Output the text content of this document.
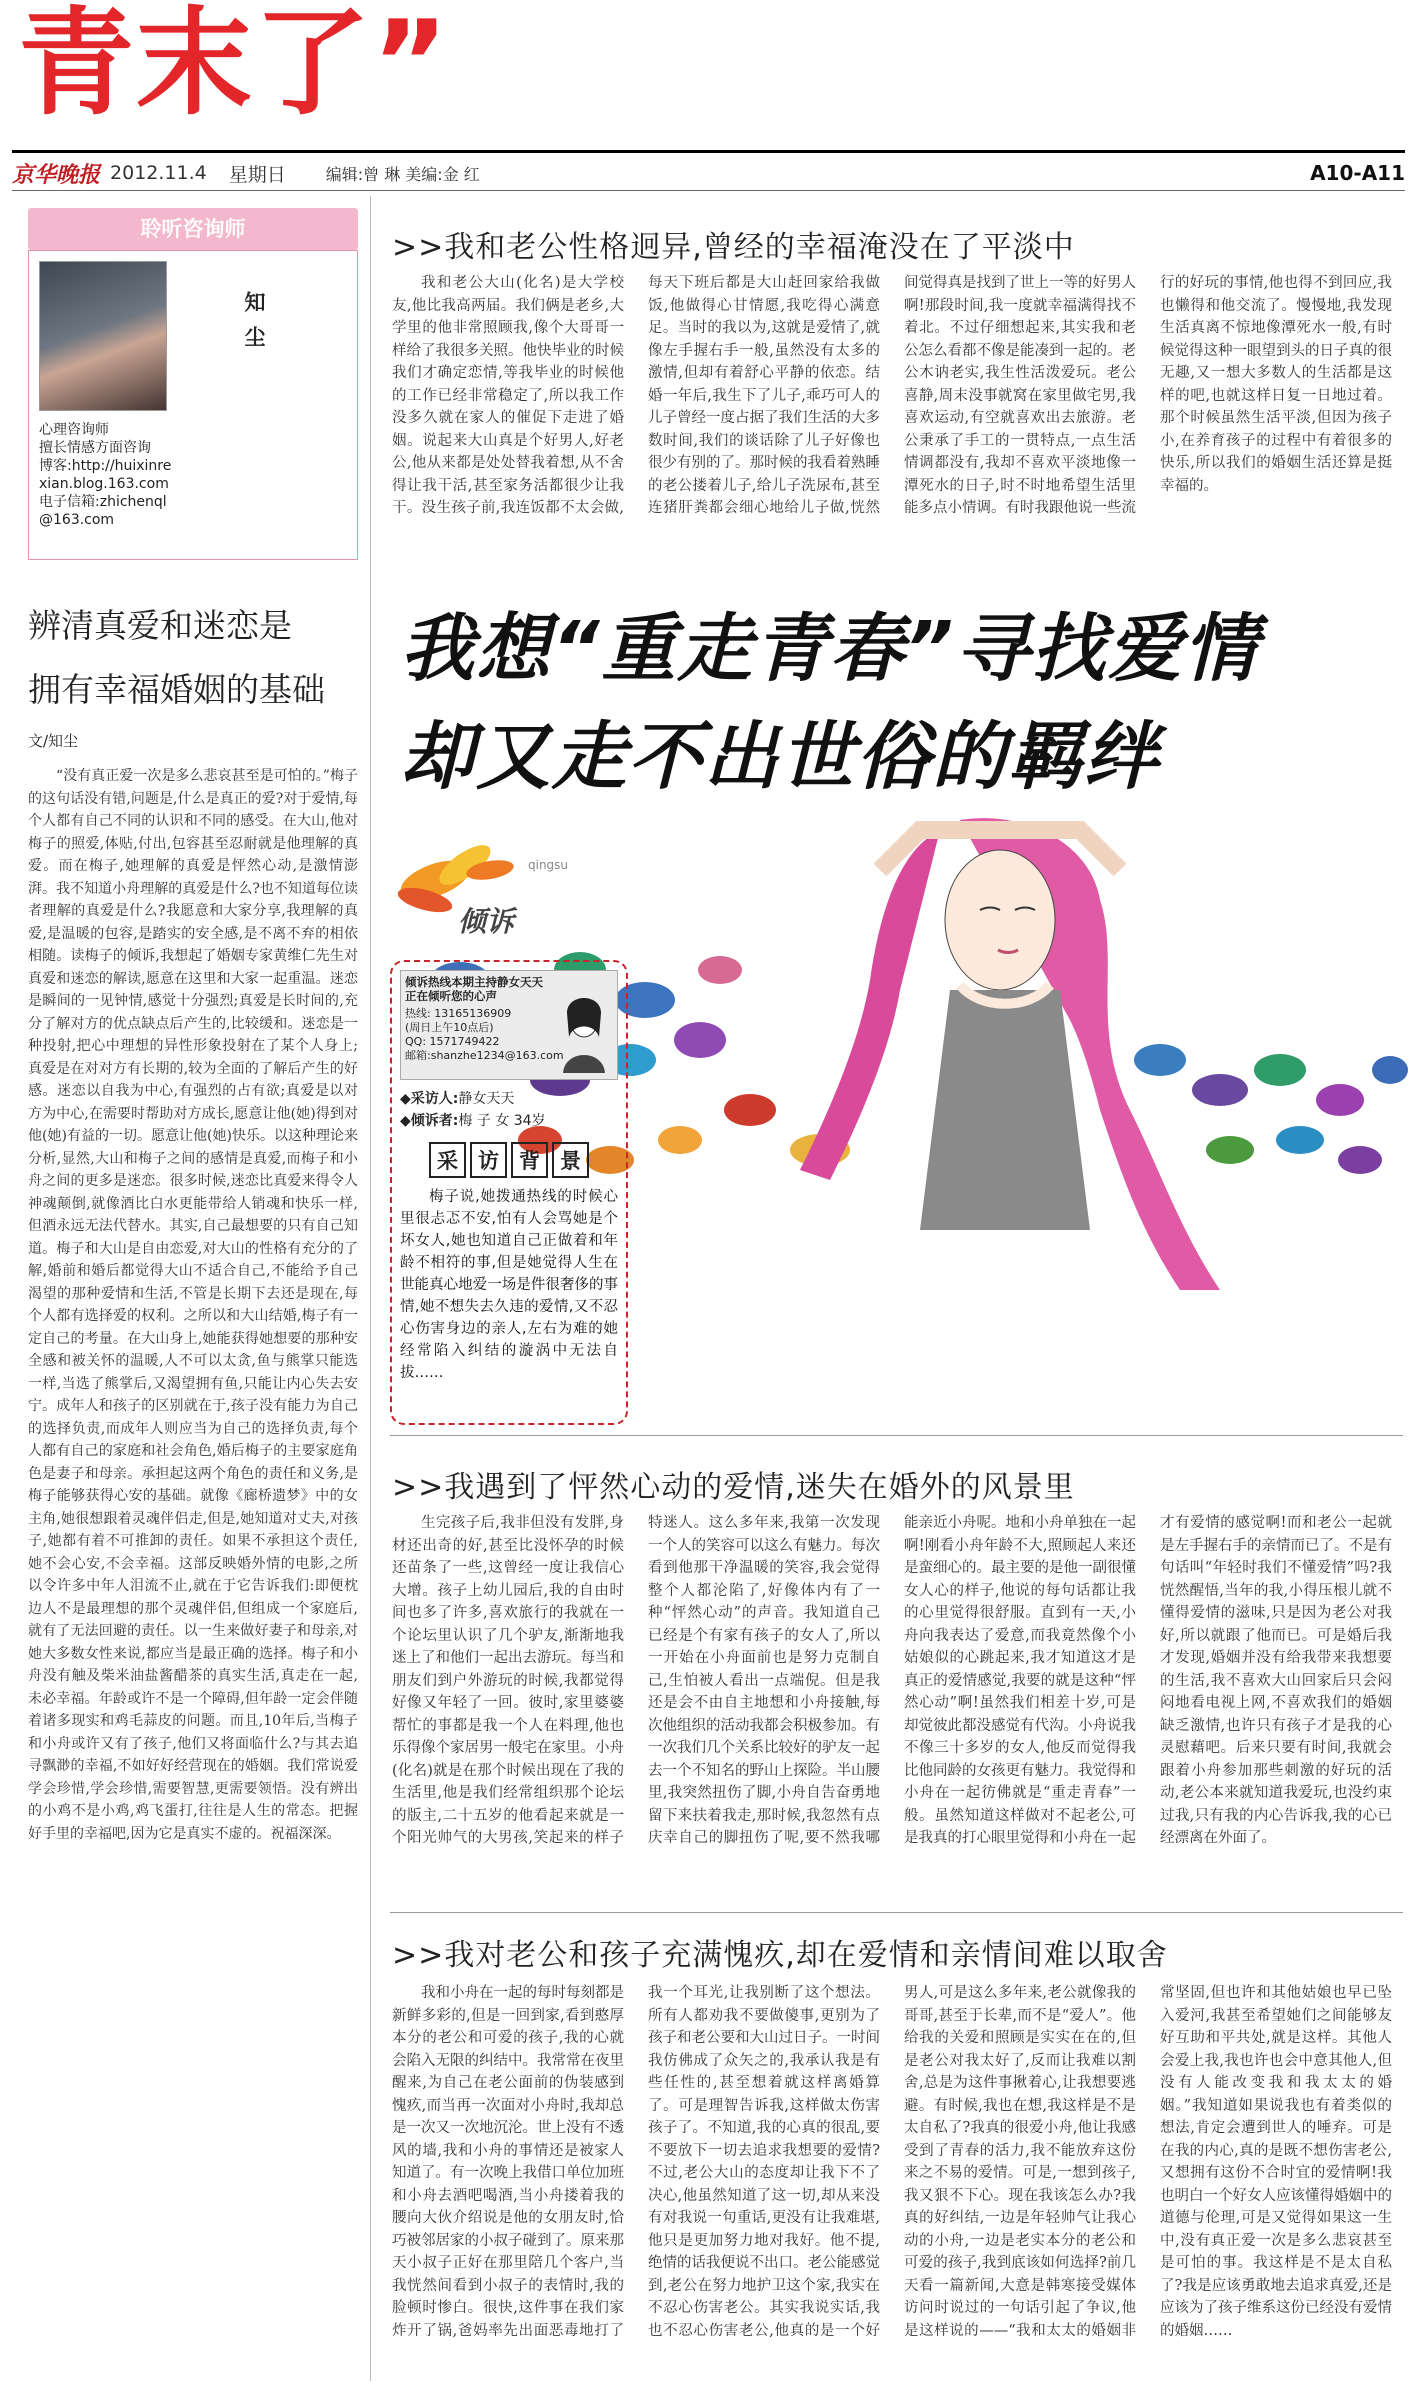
青末了”
京华晚报 2012.11.4 星期日	编辑:曾 琳 美编:金 红	A10-A11
聆听咨询师
知尘
心理咨询师
擅长情感方面咨询
博客:http://huixinre
xian.blog.163.com
电子信箱:zhichenql
@163.com
辨清真爱和迷恋是
拥有幸福婚姻的基础
文/知尘
“没有真正爱一次是多么悲哀甚至是可怕的。”梅子的这句话没有错,问题是,什么是真正的爱?对于爱情,每个人都有自己不同的认识和不同的感受。在大山,他对梅子的照爱,体贴,付出,包容甚至忍耐就是他理解的真爱。而在梅子,她理解的真爱是怦然心动,是激情澎湃。我不知道小舟理解的真爱是什么?也不知道每位读者理解的真爱是什么?我愿意和大家分享,我理解的真爱,是温暖的包容,是踏实的安全感,是不离不弃的相依相随。读梅子的倾诉,我想起了婚姻专家黄维仁先生对真爱和迷恋的解读,愿意在这里和大家一起重温。迷恋是瞬间的一见钟情,感觉十分强烈;真爱是长时间的,充分了解对方的优点缺点后产生的,比较缓和。迷恋是一种投射,把心中理想的异性形象投射在了某个人身上;真爱是在对对方有长期的,较为全面的了解后产生的好感。迷恋以自我为中心,有强烈的占有欲;真爱是以对方为中心,在需要时帮助对方成长,愿意让他(她)得到对他(她)有益的一切。愿意让他(她)快乐。以这种理论来分析,显然,大山和梅子之间的感情是真爱,而梅子和小舟之间的更多是迷恋。很多时候,迷恋比真爱来得令人神魂颠倒,就像酒比白水更能带给人销魂和快乐一样,但酒永远无法代替水。其实,自己最想要的只有自己知道。梅子和大山是自由恋爱,对大山的性格有充分的了解,婚前和婚后都觉得大山不适合自己,不能给予自己渴望的那种爱情和生活,不管是长期下去还是现在,每个人都有选择爱的权利。之所以和大山结婚,梅子有一定自己的考量。在大山身上,她能获得她想要的那种安全感和被关怀的温暖,人不可以太贪,鱼与熊掌只能选一样,当选了熊掌后,又渴望拥有鱼,只能让内心失去安宁。成年人和孩子的区别就在于,孩子没有能力为自己的选择负责,而成年人则应当为自己的选择负责,每个人都有自己的家庭和社会角色,婚后梅子的主要家庭角色是妻子和母亲。承担起这两个角色的责任和义务,是梅子能够获得心安的基础。就像《廊桥遗梦》中的女主角,她很想跟着灵魂伴侣走,但是,她知道对丈夫,对孩子,她都有着不可推卸的责任。如果不承担这个责任,她不会心安,不会幸福。这部反映婚外情的电影,之所以令许多中年人泪流不止,就在于它告诉我们:即便枕边人不是最理想的那个灵魂伴侣,但组成一个家庭后,就有了无法回避的责任。以一生来做好妻子和母亲,对她大多数女性来说,都应当是最正确的选择。梅子和小舟没有触及柴米油盐酱醋茶的真实生活,真走在一起,未必幸福。年龄或许不是一个障碍,但年龄一定会伴随着诸多现实和鸡毛蒜皮的问题。而且,10年后,当梅子和小舟或许又有了孩子,他们又将面临什么?与其去追寻飘渺的幸福,不如好好经营现在的婚姻。我们常说爱学会珍惜,学会珍惜,需要智慧,更需要领悟。没有辨出的小鸡不是小鸡,鸡飞蛋打,往往是人生的常态。把握好手里的幸福吧,因为它是真实不虚的。祝福深深。
>>我和老公性格迥异,曾经的幸福淹没在了平淡中

我和老公大山(化名)是大学校友,他比我高两届。我们俩是老乡,大学里的他非常照顾我,像个大哥哥一样给了我很多关照。他快毕业的时候我们才确定恋情,等我毕业的时候他的工作已经非常稳定了,所以我工作没多久就在家人的催促下走进了婚姻。说起来大山真是个好男人,好老公,他从来都是处处替我着想,从不舍得让我干活,甚至家务活都很少让我干。没生孩子前,我连饭都不太会做,每天下班后都是大山赶回家给我做饭,他做得心甘情愿,我吃得心满意足。当时的我以为,这就是爱情了,就像左手握右手一般,虽然没有太多的激情,但却有着舒心平静的依恋。结婚一年后,我生下了儿子,乖巧可人的儿子曾经一度占据了我们生活的大多数时间,我们的谈话除了儿子好像也很少有别的了。那时候的我看着熟睡的老公搂着儿子,给儿子洗尿布,甚至连猪肝粪都会细心地给儿子做,恍然间觉得真是找到了世上一等的好男人啊!那段时间,我一度就幸福满得找不着北。不过仔细想起来,其实我和老公怎么看都不像是能凑到一起的。老公木讷老实,我生性活泼爱玩。老公喜静,周末没事就窝在家里做宅男,我喜欢运动,有空就喜欢出去旅游。老公秉承了手工的一贯特点,一点生活情调都没有,我却不喜欢平淡地像一潭死水的日子,时不时地希望生活里能多点小情调。有时我跟他说一些流行的好玩的事情,他也得不到回应,我也懒得和他交流了。慢慢地,我发现生活真离不惊地像潭死水一般,有时候觉得这种一眼望到头的日子真的很无趣,又一想大多数人的生活都是这样的吧,也就这样日复一日地过着。那个时候虽然生活平淡,但因为孩子小,在养育孩子的过程中有着很多的快乐,所以我们的婚姻生活还算是挺幸福的。

我想“重走青春”寻找爱情
却又走不出世俗的羁绊
倾诉
qingsu
倾诉热线本期主持静女天天
正在倾听您的心声
热线: 13165136909
(周日上午10点后)
QQ: 1571749422
邮箱:shanzhe1234@163.com
◆采访人:静女天天
◆倾诉者:梅 子 女 34岁
采 访 背 景
梅子说,她拨通热线的时候心里很忐忑不安,怕有人会骂她是个坏女人,她也知道自己正做着和年龄不相符的事,但是她觉得人生在世能真心地爱一场是件很奢侈的事情,她不想失去久违的爱情,又不忍心伤害身边的亲人,左右为难的她经常陷入纠结的漩涡中无法自拔……
>>我遇到了怦然心动的爱情,迷失在婚外的风景里

生完孩子后,我非但没有发胖,身材还出奇的好,甚至比没怀孕的时候还苗条了一些,这曾经一度让我信心大增。孩子上幼儿园后,我的自由时间也多了许多,喜欢旅行的我就在一个论坛里认识了几个驴友,渐渐地我迷上了和他们一起出去游玩。每当和朋友们到户外游玩的时候,我都觉得好像又年轻了一回。彼时,家里婆婆帮忙的事都是我一个人在料理,他也乐得像个家居男一般宅在家里。小舟(化名)就是在那个时候出现在了我的生活里,他是我们经常组织那个论坛的版主,二十五岁的他看起来就是一个阳光帅气的大男孩,笑起来的样子特迷人。这么多年来,我第一次发现一个人的笑容可以这么有魅力。每次看到他那干净温暖的笑容,我会觉得整个人都沦陷了,好像体内有了一种“怦然心动”的声音。我知道自己已经是个有家有孩子的女人了,所以一开始在小舟面前也是努力克制自己,生怕被人看出一点端倪。但是我还是会不由自主地想和小舟接触,每次他组织的活动我都会积极参加。有一次我们几个关系比较好的驴友一起去一个不知名的野山上探险。半山腰里,我突然扭伤了脚,小舟自告奋勇地留下来扶着我走,那时候,我忽然有点庆幸自己的脚扭伤了呢,要不然我哪能亲近小舟呢。地和小舟单独在一起啊!刚看小舟年龄不大,照顾起人来还是蛮细心的。最主要的是他一副很懂女人心的样子,他说的每句话都让我的心里觉得很舒服。直到有一天,小舟向我表达了爱意,而我竟然像个小姑娘似的心跳起来,我才知道这才是真正的爱情感觉,我要的就是这种“怦然心动”啊!虽然我们相差十岁,可是却觉彼此都没感觉有代沟。小舟说我不像三十多岁的女人,他反而觉得我比他同龄的女孩更有魅力。我觉得和小舟在一起彷佛就是“重走青春”一般。虽然知道这样做对不起老公,可是我真的打心眼里觉得和小舟在一起才有爱情的感觉啊!而和老公一起就是左手握右手的亲情而已了。不是有句话叫“年轻时我们不懂爱情”吗?我恍然醒悟,当年的我,小得压根儿就不懂得爱情的滋味,只是因为老公对我好,所以就跟了他而已。可是婚后我才发现,婚姻并没有给我带来我想要的生活,我不喜欢大山回家后只会闷闷地看电视上网,不喜欢我们的婚姻缺乏激情,也许只有孩子才是我的心灵慰藉吧。后来只要有时间,我就会跟着小舟参加那些刺激的好玩的活动,老公本来就知道我爱玩,也没约束过我,只有我的内心告诉我,我的心已经漂离在外面了。

>>我对老公和孩子充满愧疚,却在爱情和亲情间难以取舍

我和小舟在一起的每时每刻都是新鲜多彩的,但是一回到家,看到憨厚本分的老公和可爱的孩子,我的心就会陷入无限的纠结中。我常常在夜里醒来,为自己在老公面前的伪装感到愧疚,而当再一次面对小舟时,我却总是一次又一次地沉沦。世上没有不透风的墙,我和小舟的事情还是被家人知道了。有一次晚上我借口单位加班和小舟去酒吧喝酒,当小舟搂着我的腰向大伙介绍说是他的女朋友时,恰巧被邻居家的小叔子碰到了。原来那天小叔子正好在那里陪几个客户,当我恍然间看到小叔子的表情时,我的脸顿时惨白。很快,这件事在我们家炸开了锅,爸妈率先出面恶毒地打了我一个耳光,让我别断了这个想法。所有人都劝我不要做傻事,更别为了孩子和老公要和大山过日子。一时间我仿佛成了众矢之的,我承认我是有些任性的,甚至想着就这样离婚算了。可是理智告诉我,这样做太伤害孩子了。不知道,我的心真的很乱,要不要放下一切去追求我想要的爱情?不过,老公大山的态度却让我下不了决心,他虽然知道了这一切,却从来没有对我说一句重话,更没有让我难堪,他只是更加努力地对我好。他不提,绝情的话我便说不出口。老公能感觉到,老公在努力地护卫这个家,我实在不忍心伤害老公。其实我说实话,我也不忍心伤害老公,他真的是一个好男人,可是这么多年来,老公就像我的哥哥,甚至于长辈,而不是“爱人”。他给我的关爱和照顾是实实在在的,但是老公对我太好了,反而让我难以割舍,总是为这件事揪着心,让我想要逃避。有时候,我也在想,我这样是不是太自私了?我真的很爱小舟,他让我感受到了青春的活力,我不能放弃这份来之不易的爱情。可是,一想到孩子,我又狠不下心。现在我该怎么办?我真的好纠结,一边是年轻帅气让我心动的小舟,一边是老实本分的老公和可爱的孩子,我到底该如何选择?前几天看一篇新闻,大意是韩寒接受媒体访问时说过的一句话引起了争议,他是这样说的——“我和太太的婚姻非常坚固,但也许和其他姑娘也早已坠入爱河,我甚至希望她们之间能够友好互助和平共处,就是这样。其他人会爱上我,我也许也会中意其他人,但没有人能改变我和我太太的婚姻。”我知道如果说我也有着类似的想法,肯定会遭到世人的唾弃。可是在我的内心,真的是既不想伤害老公,又想拥有这份不合时宜的爱情啊!我也明白一个好女人应该懂得婚姻中的道德与伦理,可是又觉得如果这一生中,没有真正爱一次是多么悲哀甚至是可怕的事。我这样是不是太自私了?我是应该勇敢地去追求真爱,还是应该为了孩子维系这份已经没有爱情的婚姻……
